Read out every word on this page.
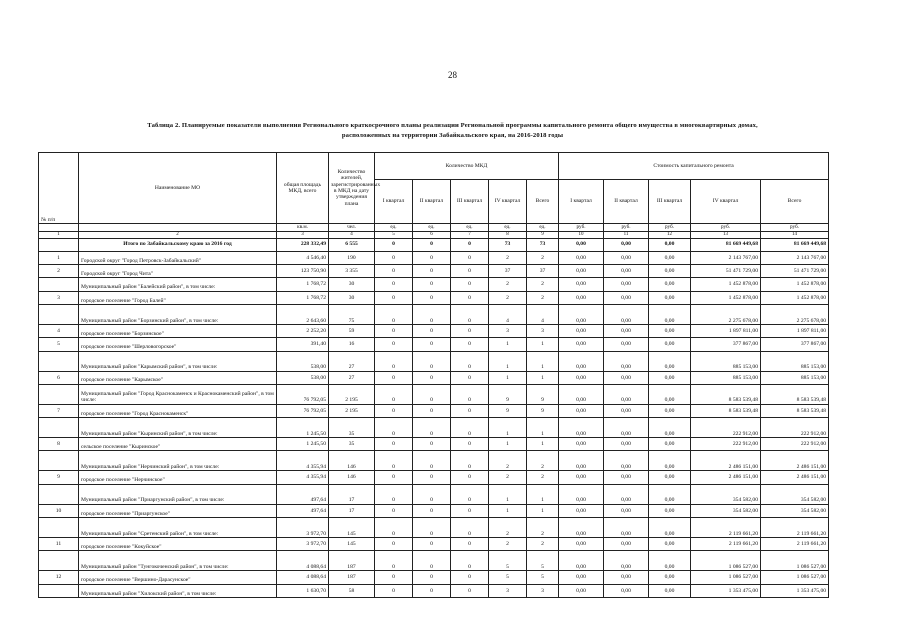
28
Таблица 2. Планируемые показатели выполнения Регионального краткосрочного планы реализации Региональной программы капитального ремонта общего имущества в многоквартирных домах,
расположенных на территории Забайкальского края, на 2016-2018 годы
№ п/п	Наименование МО	общая площадь МКД, всего	Количество жителей, зарегистрированных в МКД на дату утверждения плана	Количество МКД					Стоимость капитального ремонта				
				I квартал	II квартал	III квартал	IV квартал	Всего	I квартал	II квартал	III квартал	IV квартал	Всего
		кв.м.	чел.	ед.	ед.	ед.	ед.	ед.	руб.	руб.	руб.	руб.	руб.
1	2	3	4	5	6	7	8	9	10	11	12	13	14
	Итого по Забайкальскому краю за 2016 год	228 332,49	6 555	0	0	0	73	73	0,00	0,00	0,00	81 669 449,68	81 669 449,68
1	Городской округ "Город Петровск-Забайкальский"	4 546,40	190	0	0	0	2	2	0,00	0,00	0,00	2 143 767,00	2 143 767,00
2	Городской округ "Город Чита"	123 750,90	3 355	0	0	0	37	37	0,00	0,00	0,00	51 471 729,00	51 471 729,00
	Муниципальный район "Балейский район", в том числе:	1 768,72	30	0	0	0	2	2	0,00	0,00	0,00	1 452 878,00	1 452 878,00
3	городское поселение "Город Балей"	1 768,72	30	0	0	0	2	2	0,00	0,00	0,00	1 452 878,00	1 452 878,00
	Муниципальный район "Борзинский район", в том числе:	2 643,60	75	0	0	0	4	4	0,00	0,00	0,00	2 275 678,00	2 275 678,00
4	городское поселение "Борзинское"	2 252,20	59	0	0	0	3	3	0,00	0,00	0,00	1 897 811,00	1 897 811,00
5	городское поселение "Шерловогорское"	391,40	16	0	0	0	1	1	0,00	0,00	0,00	377 867,00	377 867,00
	Муниципальный район "Карымский район", в том числе:	538,00	27	0	0	0	1	1	0,00	0,00	0,00	885 153,00	885 153,00
6	городское поселение "Карымское"	538,00	27	0	0	0	1	1	0,00	0,00	0,00	885 153,00	885 153,00
	Муниципальный район "Город Краснокаменск и Краснокаменский район", в том числе:	76 792,05	2 195	0	0	0	9	9	0,00	0,00	0,00	8 583 539,48	8 583 539,48
7	городское поселение "Город Краснокаменск"	76 792,05	2 195	0	0	0	9	9	0,00	0,00	0,00	8 583 539,48	8 583 539,48
	Муниципальный район "Кыринский район", в том числе:	1 245,50	35	0	0	0	1	1	0,00	0,00	0,00	222 912,00	222 912,00
8	сельское поселение "Кыринское"	1 245,50	35	0	0	0	1	1	0,00	0,00	0,00	222 912,00	222 912,00
	Муниципальный район "Нерчинский район", в том числе:	4 355,94	146	0	0	0	2	2	0,00	0,00	0,00	2 486 151,00	2 486 151,00
9	городское поселение "Нерчинское"	4 355,94	146	0	0	0	2	2	0,00	0,00	0,00	2 486 151,00	2 486 151,00
	Муниципальный район "Приаргунский район", в том числе:	497,64	17	0	0	0	1	1	0,00	0,00	0,00	354 582,00	354 582,00
10	городское поселение "Приаргунское"	497,64	17	0	0	0	1	1	0,00	0,00	0,00	354 582,00	354 582,00
	Муниципальный район "Сретенский район", в том числе:	3 972,70	145	0	0	0	2	2	0,00	0,00	0,00	2 119 661,20	2 119 661,20
11	городское поселение "Кокуйское"	3 972,70	145	0	0	0	2	2	0,00	0,00	0,00	2 119 661,20	2 119 661,20
	Муниципальный район "Тунгокоченский район", в том числе:	4 088,64	187	0	0	0	5	5	0,00	0,00	0,00	1 086 527,00	1 086 527,00
12	городское поселение "Вершино-Дарасунское"	4 088,64	187	0	0	0	5	5	0,00	0,00	0,00	1 086 527,00	1 086 527,00
	Муниципальный район "Хилокский район", в том числе:	1 630,70	58	0	0	0	3	3	0,00	0,00	0,00	1 353 475,00	1 353 475,00
